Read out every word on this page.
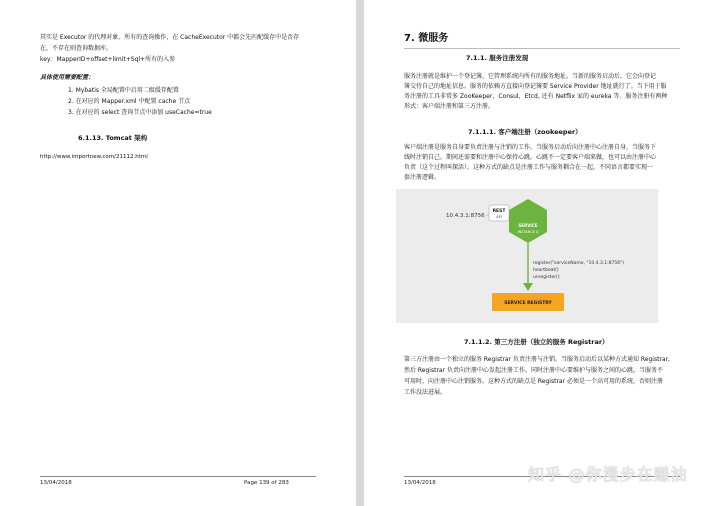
其实是 Executor 的代理对象。所有的查询操作，在 CacheExecutor 中都会先匹配缓存中是否存
在，不存在则查询数据库。
key：MapperID+offset+limit+Sql+所有的入参
具体使用需要配置：
1. Mybatis 全局配置中启用二级缓存配置
2. 在对应的 Mapper.xml 中配置 cache 节点
3. 在对应的 select 查询节点中添加 useCache=true
6.1.13. Tomcat 架构
http://www.importnew.com/21112.html
13/04/2018	Page 139 of 283
7. 微服务
7.1.1. 服务注册发现
服务注册就是维护一个登记簿，它管理系统内所有的服务地址。当新的服务启动后，它会向登记
簿交待自己的地址信息。服务的依赖方直接向登记簿要 Service Provider 地址就行了。当下用于服
务注册的工具非常多 ZooKeeper，Consul，Etcd, 还有 Netflix 家的 eureka 等。服务注册有两种
形式：客户端注册和第三方注册。
7.1.1.1. 客户端注册（zookeeper）
客户端注册是服务自身要负责注册与注销的工作。当服务启动后向注册中心注册自身，当服务下
线时注销自己。期间还需要和注册中心保持心跳。心跳不一定要客户端来做，也可以由注册中心
负责（这个过程叫探活）。这种方式的缺点是注册工作与服务耦合在一起，不同语言都要实现一
套注册逻辑。
10.4.3.1:8756
REST
API
SERVICE
INSTANCE A
register("serviceName, "10.4.3.1:8756")
heartbeat()
unregister()
SERVICE REGISTRY
7.1.1.2. 第三方注册（独立的服务 Registrar）
第三方注册由一个独立的服务 Registrar 负责注册与注销。当服务启动后以某种方式通知 Registrar,
然后 Registrar 负责向注册中心发起注册工作。同时注册中心要维护与服务之间的心跳，当服务不
可用时，向注册中心注销服务。这种方式的缺点是 Registrar 必须是一个高可用的系统，否则注册
工作没法进展。
13/04/2018	知乎 @你漫步在赚油
